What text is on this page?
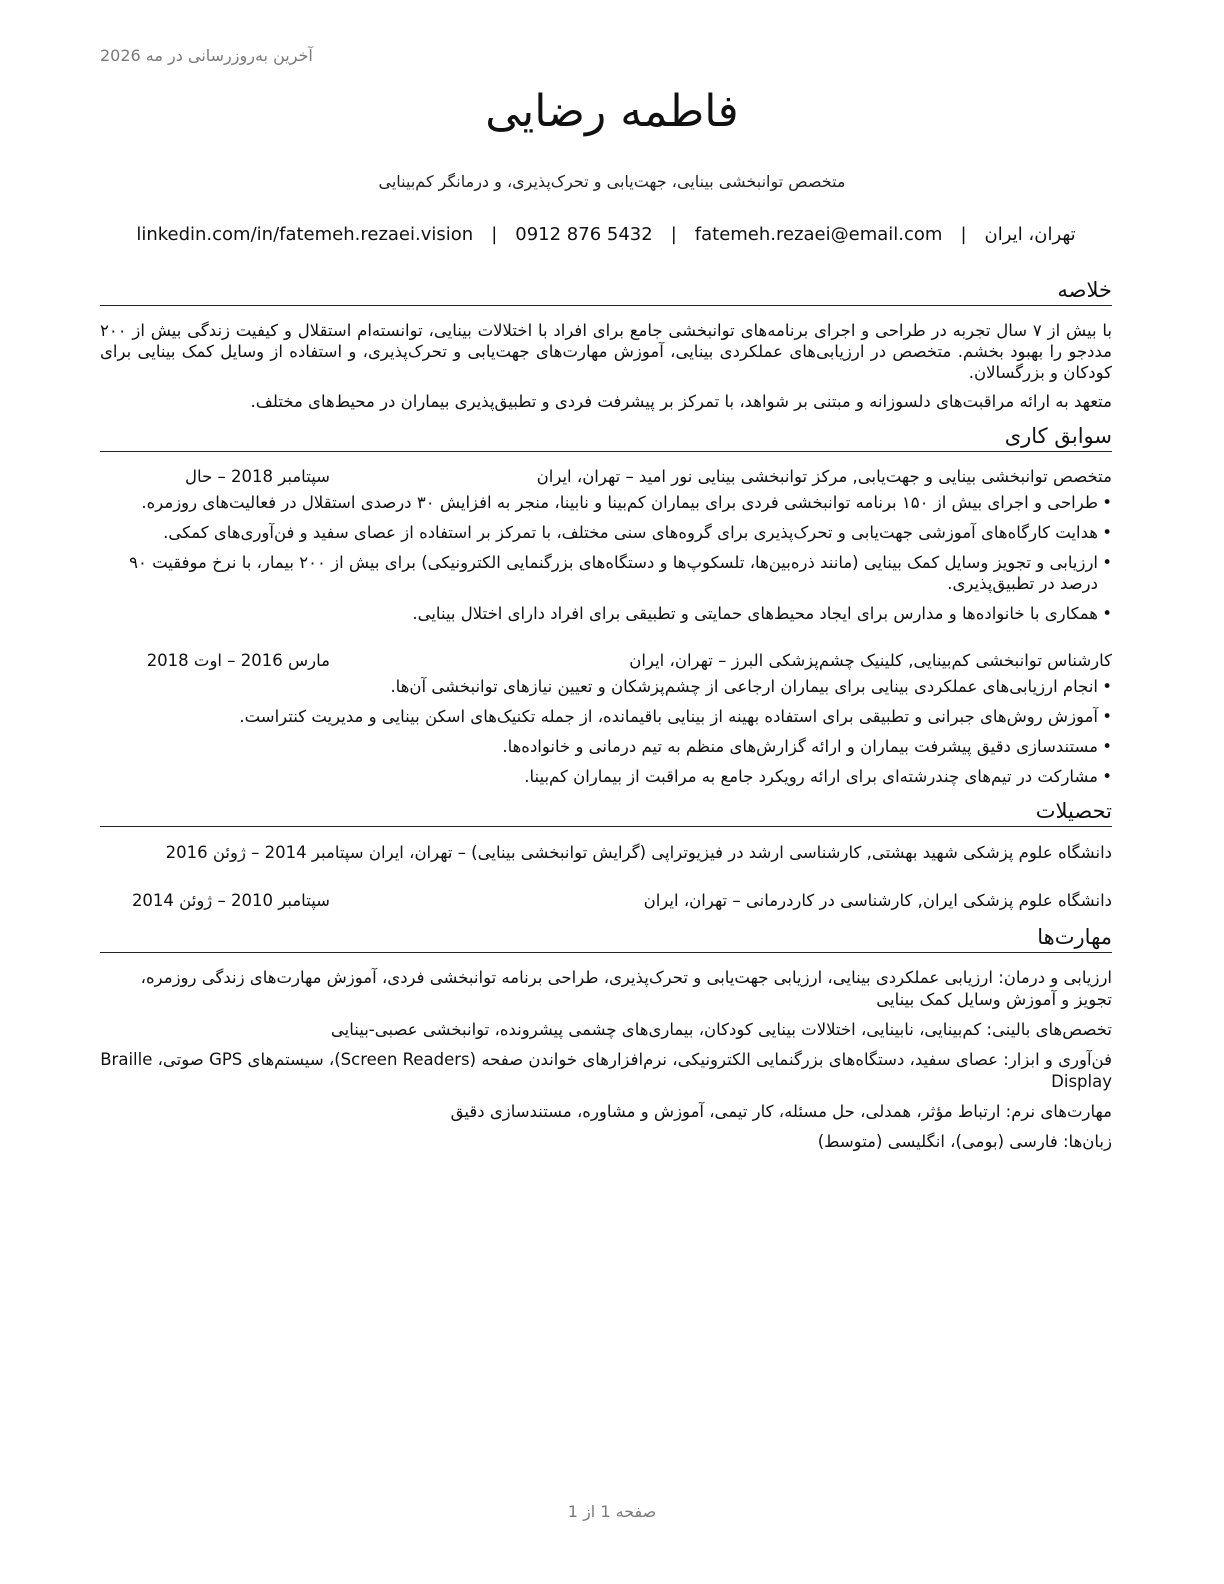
آخرین به‌روزرسانی در مه 2026
فاطمه رضایی
متخصص توانبخشی بینایی، جهت‌یابی و تحرک‌پذیری، و درمانگر کم‌بینایی
تهران، ایران
|
fatemeh.rezaei@email.com
|
0912 876 5432
|
linkedin.com/in/fatemeh.rezaei.vision
خلاصه

با بیش از ۷ سال تجربه در طراحی و اجرای برنامه‌های توانبخشی جامع برای افراد با اختلالات بینایی، توانسته‌ام استقلال و کیفیت زندگی بیش از ۲۰۰ مددجو را بهبود بخشم. متخصص در ارزیابی‌های عملکردی بینایی، آموزش مهارت‌های جهت‌یابی و تحرک‌پذیری، و استفاده از وسایل کمک بینایی برای کودکان و بزرگسالان.

متعهد به ارائه مراقبت‌های دلسوزانه و مبتنی بر شواهد، با تمرکز بر پیشرفت فردی و تطبیق‌پذیری بیماران در محیط‌های مختلف.

سوابق کاری
متخصص توانبخشی بینایی و جهت‌یابی, مرکز توانبخشی بینایی نور امید – تهران، ایران
سپتامبر 2018 – حال
• طراحی و اجرای بیش از ۱۵۰ برنامه توانبخشی فردی برای بیماران کم‌بینا و نابینا، منجر به افزایش ۳۰ درصدی استقلال در فعالیت‌های روزمره.
• هدایت کارگاه‌های آموزشی جهت‌یابی و تحرک‌پذیری برای گروه‌های سنی مختلف، با تمرکز بر استفاده از عصای سفید و فن‌آوری‌های کمکی.
• ارزیابی و تجویز وسایل کمک بینایی (مانند ذره‌بین‌ها، تلسکوپ‌ها و دستگاه‌های بزرگنمایی الکترونیکی) برای بیش از ۲۰۰ بیمار، با نرخ موفقیت ۹۰ درصد در تطبیق‌پذیری.
• همکاری با خانواده‌ها و مدارس برای ایجاد محیط‌های حمایتی و تطبیقی برای افراد دارای اختلال بینایی.
کارشناس توانبخشی کم‌بینایی, کلینیک چشم‌پزشکی البرز – تهران، ایران
مارس 2016 – اوت 2018
• انجام ارزیابی‌های عملکردی بینایی برای بیماران ارجاعی از چشم‌پزشکان و تعیین نیازهای توانبخشی آن‌ها.
• آموزش روش‌های جبرانی و تطبیقی برای استفاده بهینه از بینایی باقیمانده، از جمله تکنیک‌های اسکن بینایی و مدیریت کنتراست.
• مستندسازی دقیق پیشرفت بیماران و ارائه گزارش‌های منظم به تیم درمانی و خانواده‌ها.
• مشارکت در تیم‌های چندرشته‌ای برای ارائه رویکرد جامع به مراقبت از بیماران کم‌بینا.
تحصیلات
دانشگاه علوم پزشکی شهید بهشتی, کارشناسی ارشد در فیزیوتراپی (گرایش توانبخشی بینایی) – تهران، ایران سپتامبر 2014 – ژوئن 2016
دانشگاه علوم پزشکی ایران, کارشناسی در کاردرمانی – تهران، ایران
سپتامبر 2010 – ژوئن 2014
مهارت‌ها
ارزیابی و درمان: ارزیابی عملکردی بینایی، ارزیابی جهت‌یابی و تحرک‌پذیری، طراحی برنامه توانبخشی فردی، آموزش مهارت‌های زندگی روزمره، تجویز و آموزش وسایل کمک بینایی
تخصص‌های بالینی: کم‌بینایی، نابینایی، اختلالات بینایی کودکان، بیماری‌های چشمی پیشرونده، توانبخشی عصبی-بینایی
فن‌آوری و ابزار: عصای سفید، دستگاه‌های بزرگنمایی الکترونیکی، نرم‌افزارهای خواندن صفحه (Screen Readers)، سیستم‌های GPS صوتی، Braille Display
مهارت‌های نرم: ارتباط مؤثر، همدلی، حل مسئله، کار تیمی، آموزش و مشاوره، مستندسازی دقیق
زبان‌ها: فارسی (بومی)، انگلیسی (متوسط)
صفحه 1 از 1
